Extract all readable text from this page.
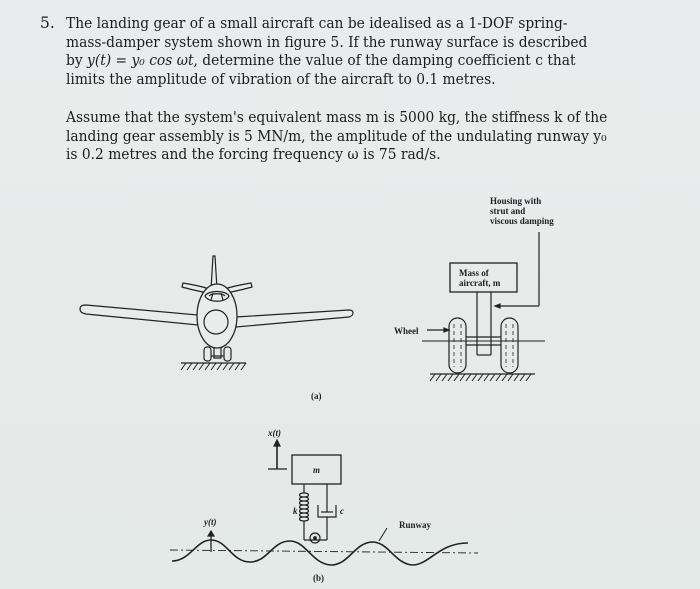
5. The landing gear of a small aircraft can be idealised as a 1-DOF spring-
mass-damper system shown in figure 5. If the runway surface is described
by y(t) = y₀ cos ωt, determine the value of the damping coefficient c that
limits the amplitude of vibration of the aircraft to 0.1 metres.
Assume that the system's equivalent mass m is 5000 kg, the stiffness k of the
landing gear assembly is 5 MN/m, the amplitude of the undulating runway y₀
is 0.2 metres and the forcing frequency ω is 75 rad/s.
Housing with
strut and
viscous damping
Mass of
aircraft, m
Wheel
(a)
x(t)
m
k	c
y(t)	Runway
(b)
